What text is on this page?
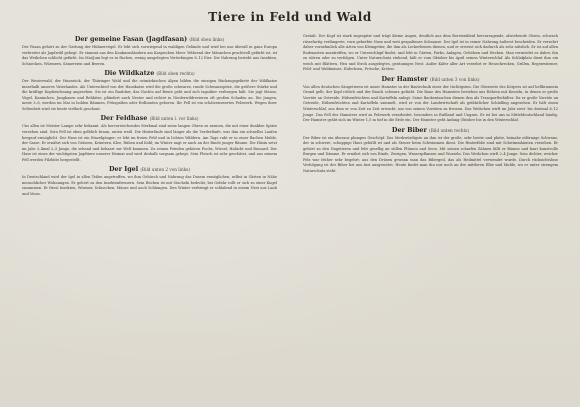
Tiere in Feld und Wald
Der gemeine Fasan (Jagdfasan) (Bild oben links)
Der Fasan gehört zu der Gattung der Hühnervögel. Er lebt sich vorwiegend in waldigen Gelände und wird bei uns überall in ganz Europa verbreitet als Jagdwild gehegt. Er stammt aus den Kaukasusländern am Kaspischen Meer. Während der Männchen prachtvoll gefärbt ist, ist das Weibchen schlicht gefärbt. Im Mai/Juni legt es in flachen, wenig ausgelegten Vertiefungen 8–12 Eier. Die Nahrung besteht aus Insekten, Schnecken, Würmern, Sämereien und Beeren.
Die Wildkatze (Bild oben rechts)
Der Westerwald, der Hunsrück, der Thüringer Wald und die ostmärkischen Alpen bilden die einzigen Rückzugsgebiete der Wildkatze innerhalb unseres Vaterlandes. Als Unterschied von der Hauskatze wird die große schwarze, runde Schwanzspitze, die größere Stärke und die kräftige Kopfzeichnung angesehen. Sie ist ein Raubtier, das Nachts auf Beute geht und sich tagsüber verborgen hält. Sie jagt Mäuse, Vögel, Kaninchen, Junghasen und Rehkitze, plündert auch Nester und richtet in Niederwildrevieren oft großen Schaden an. Die Jungen, meist 3–6, werden im Mai in hohlen Bäumen, Felsspalten oder Erdbauten geboren. Ihr Fell ist ein schätzenswertes Pelzwerk. Wegen ihrer Seltenheit wird sie heute vielfach geschont.
Der Feldhase (Bild unten l. vor links)
Uns allen ist Meister Lampe sehr bekannt. Als hervorstechendes Merkmal sind seine langen Ohren zu nennen, die mit einer dunklen Spitze versehen sind. Sein Fell ist oben gelblich braun, unten weiß. Die Hinterläufe sind länger als die Vorderläufe, was ihm ein schnelles Laufen bergauf ermöglicht. Der Hase ist ein Einzelgänger; er lebt im freien Feld und in lichten Wäldern. Am Tage ruht er in einer flachen Mulde, der Sasse. Er ernährt sich von Gräsern, Kräutern, Klee, Rüben und Kohl; im Winter nagt er auch an der Rinde junger Bäume. Die Häsin setzt im Jahr 3–4mal 2–5 Junge, die sehend und behaart zur Welt kommen. Zu seinen Feinden gehören Fuchs, Wiesel, Habicht und Bussard. Der Hase ist eines der wichtigsten Jagdtiere unserer Heimat und wird deshalb sorgsam gehegt. Sein Fleisch ist sehr geschätzt, und aus seinem Fell werden Filzhüte hergestellt.
Der Igel (Bild unten 2 von links)
In Deutschland wird der Igel in allen Teilen angetroffen, wo ihm Gebüsch und Nahrung das Dasein ermöglichen, selbst in Gärten in Nähe menschlicher Wohnungen. Er gehört zu den Insektenfressern. Sein Rücken ist mit Stacheln bedeckt; bei Gefahr rollt er sich zu einer Kugel zusammen. Er frisst Insekten, Würmer, Schnecken, Mäuse und auch Schlangen. Den Winter verbringt er schlafend in einem Nest aus Laub und Moos.
Gestalt. Der Kopf ist stark zugespitzt und trägt kleine Augen, deutlich aus dem Borstenkleid hervorragende, abstehende Ohren, schwach rüsselartig verlängerte, vorn gekerbte Nase und weit gespaltenes Schnauze. Der Igel ist in seiner Nahrung äußerst bescheiden. Er verzehrt daher vornehmlich alle Arten von Kleingetier, die ihm als Leckerbissen dienen, und er erweist sich dadurch als sehr nützlich. Er ist auf allen Bodenarten anzutreffen, wo er Unterschlupf findet, und lebt in Gärten, Parks, Anlagen, Gehölzen und Hecken. Man vermeidet es daher, ihn zu stören oder zu verfolgen. Unter Naturschutz stehend, hält er vom Oktober bis April seinen Winterschlaf. Als Schlafplatz dient ihm ein weich mit Blättern, Heu und Stroh ausgelegtes, geräumiges Nest. Außer Käfer aller Art verzehrt er Heuschrecken, Grillen, Regenwürmer, Feld- und Waldmäuse, Eidechsen, Frösche, Kröten.
Der Hamster (Bild unten 3 von links)
Von allen deutschen Säugetieren ist unser Hamster in der Bautechnik einer der tüchtigsten. Die Oberseite des Körpers ist auf hellbraunem Grund gelb, der Kopf rötlich und der Bauch schwarz gefärbt. Die Baue des Hamsters bestehen aus Röhren mit Kesseln, in denen er große Vorräte an Getreide, Hülsenfrüchten und Kartoffeln anlegt. Seine Backentaschen dienen ihm als Transportbehälter. Da er große Vorräte an Getreide, Hülsenfrüchten und Kartoffeln sammelt, wird er von der Landwirtschaft als gefährlicher Schädling angesehen. Er hält einen Winterschlaf, aus dem er von Zeit zu Zeit erwacht, um von seinen Vorräten zu fressen. Das Weibchen wirft im Jahr zwei- bis dreimal 6–12 Junge. Das Fell des Hamsters wird zu Pelzwerk verarbeitet, besonders in Rußland und Ungarn. Er ist bei uns in Mitteldeutschland häufig. Der Hamster gräbt sich im Winter 1,5 m tief in die Erde ein. Der Hamster geht Anfang Oktober bis in den Winterschlaf.
Der Biber (Bild unten rechts)
Der Biber ist ein überaus plumpes Geschöpf. Das Merkwürdigste an ihm ist der große, sehr breite und platte, beinahe eiförmige Schwanz, der in schwere, schuppige Haut gehüllt ist und als Steuer beim Schwimmen dient. Die Hinterfüße sind mit Schwimmhäuten versehen. Er gehört zu den Nagetieren und lebt gesellig an stillen Flüssen und Seen. Mit seinen scharfen Zähnen fällt er Bäume und baut kunstvolle Burgen und Dämme. Er ernährt sich von Rinde, Zweigen, Wasserpflanzen und Wurzeln. Das Weibchen wirft 2–4 Junge. Sein dichter, weicher Pelz war früher sehr begehrt; aus den Drüsen gewann man das Bibergeil, das als Heilmittel verwendet wurde. Durch rücksichtslose Verfolgung ist der Biber bei uns fast ausgerottet. Heute findet man ihn nur noch an der mittleren Elbe und Mulde, wo er unter strengem Naturschutz steht.
